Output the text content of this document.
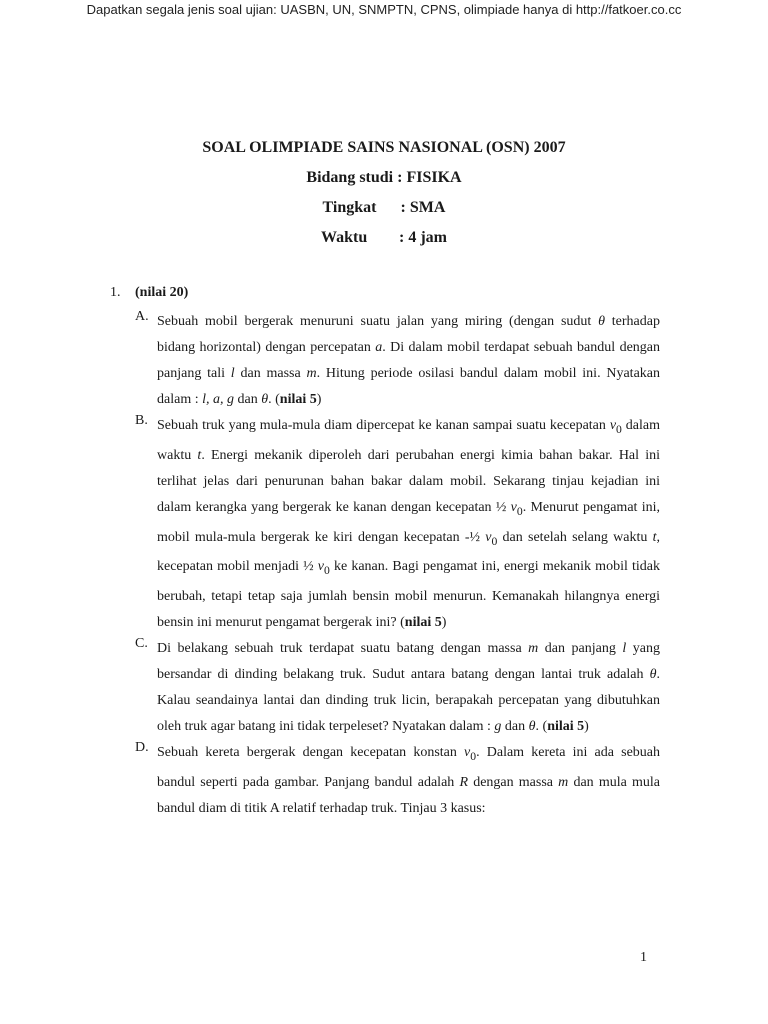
Dapatkan segala jenis soal ujian: UASBN, UN, SNMPTN, CPNS, olimpiade hanya di http://fatkoer.co.cc
SOAL OLIMPIADE SAINS NASIONAL (OSN) 2007
Bidang studi : FISIKA
Tingkat : SMA
Waktu : 4 jam
1. (nilai 20)
A. Sebuah mobil bergerak menuruni suatu jalan yang miring (dengan sudut θ terhadap bidang horizontal) dengan percepatan a. Di dalam mobil terdapat sebuah bandul dengan panjang tali l dan massa m. Hitung periode osilasi bandul dalam mobil ini. Nyatakan dalam : l, a, g dan θ. (nilai 5)

B. Sebuah truk yang mula-mula diam dipercepat ke kanan sampai suatu kecepatan $v_0$ dalam waktu t. Energi mekanik diperoleh dari perubahan energi kimia bahan bakar. Hal ini terlihat jelas dari penurunan bahan bakar dalam mobil. Sekarang tinjau kejadian ini dalam kerangka yang bergerak ke kanan dengan kecepatan ½ $v_0$. Menurut pengamat ini, mobil mula-mula bergerak ke kiri dengan kecepatan -½ $v_0$ dan setelah selang waktu t, kecepatan mobil menjadi ½ $v_0$ ke kanan. Bagi pengamat ini, energi mekanik mobil tidak berubah, tetapi tetap saja jumlah bensin mobil menurun. Kemanakah hilangnya energi bensin ini menurut pengamat bergerak ini? (nilai 5)

C. Di belakang sebuah truk terdapat suatu batang dengan massa m dan panjang l yang bersandar di dinding belakang truk. Sudut antara batang dengan lantai truk adalah θ. Kalau seandainya lantai dan dinding truk licin, berapakah percepatan yang dibutuhkan oleh truk agar batang ini tidak terpeleset? Nyatakan dalam : g dan θ. (nilai 5)

D. Sebuah kereta bergerak dengan kecepatan konstan $v_0$. Dalam kereta ini ada sebuah bandul seperti pada gambar. Panjang bandul adalah R dengan massa m dan mula mula bandul diam di titik A relatif terhadap truk. Tinjau 3 kasus:

1
